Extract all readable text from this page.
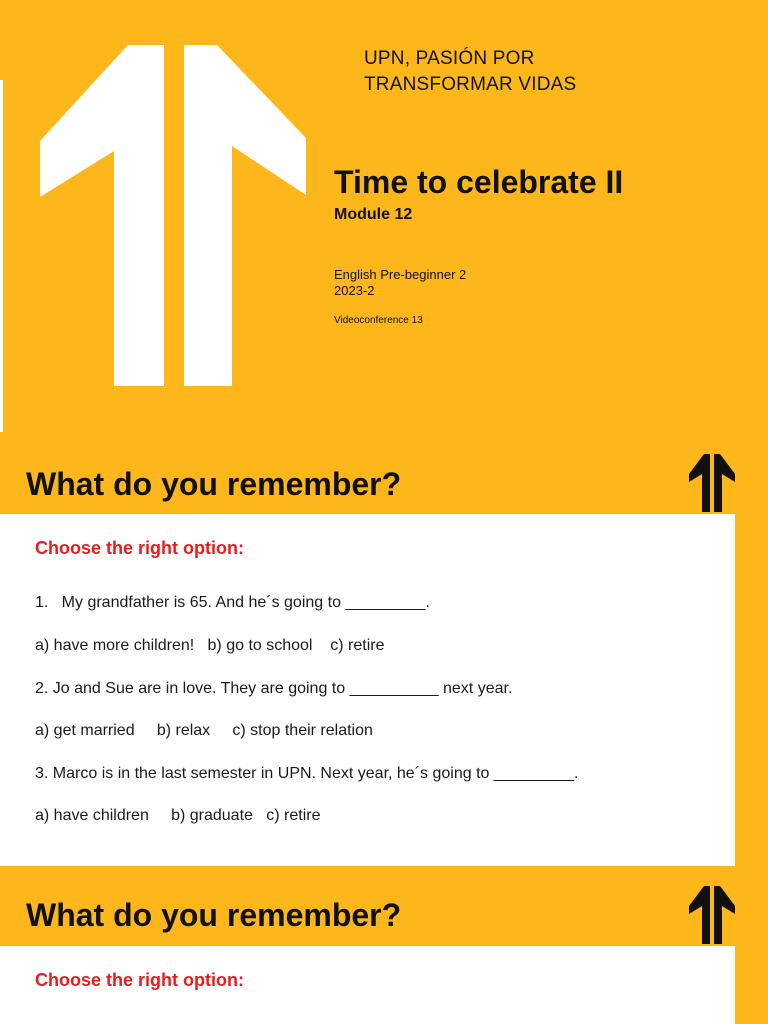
UPN, PASIÓN POR
TRANSFORMAR VIDAS
Time to celebrate II
Module 12
English Pre-beginner 2
2023-2
Videoconference 13
What do you remember?
Choose the right option:
1.   My grandfather is 65. And he´s going to _________.
a) have more children!   b) go to school    c) retire
2. Jo and Sue are in love. They are going to __________ next year.
a) get married     b) relax     c) stop their relation
3. Marco is in the last semester in UPN. Next year, he´s going to _________.
a) have children     b) graduate   c) retire
What do you remember?
Choose the right option:
